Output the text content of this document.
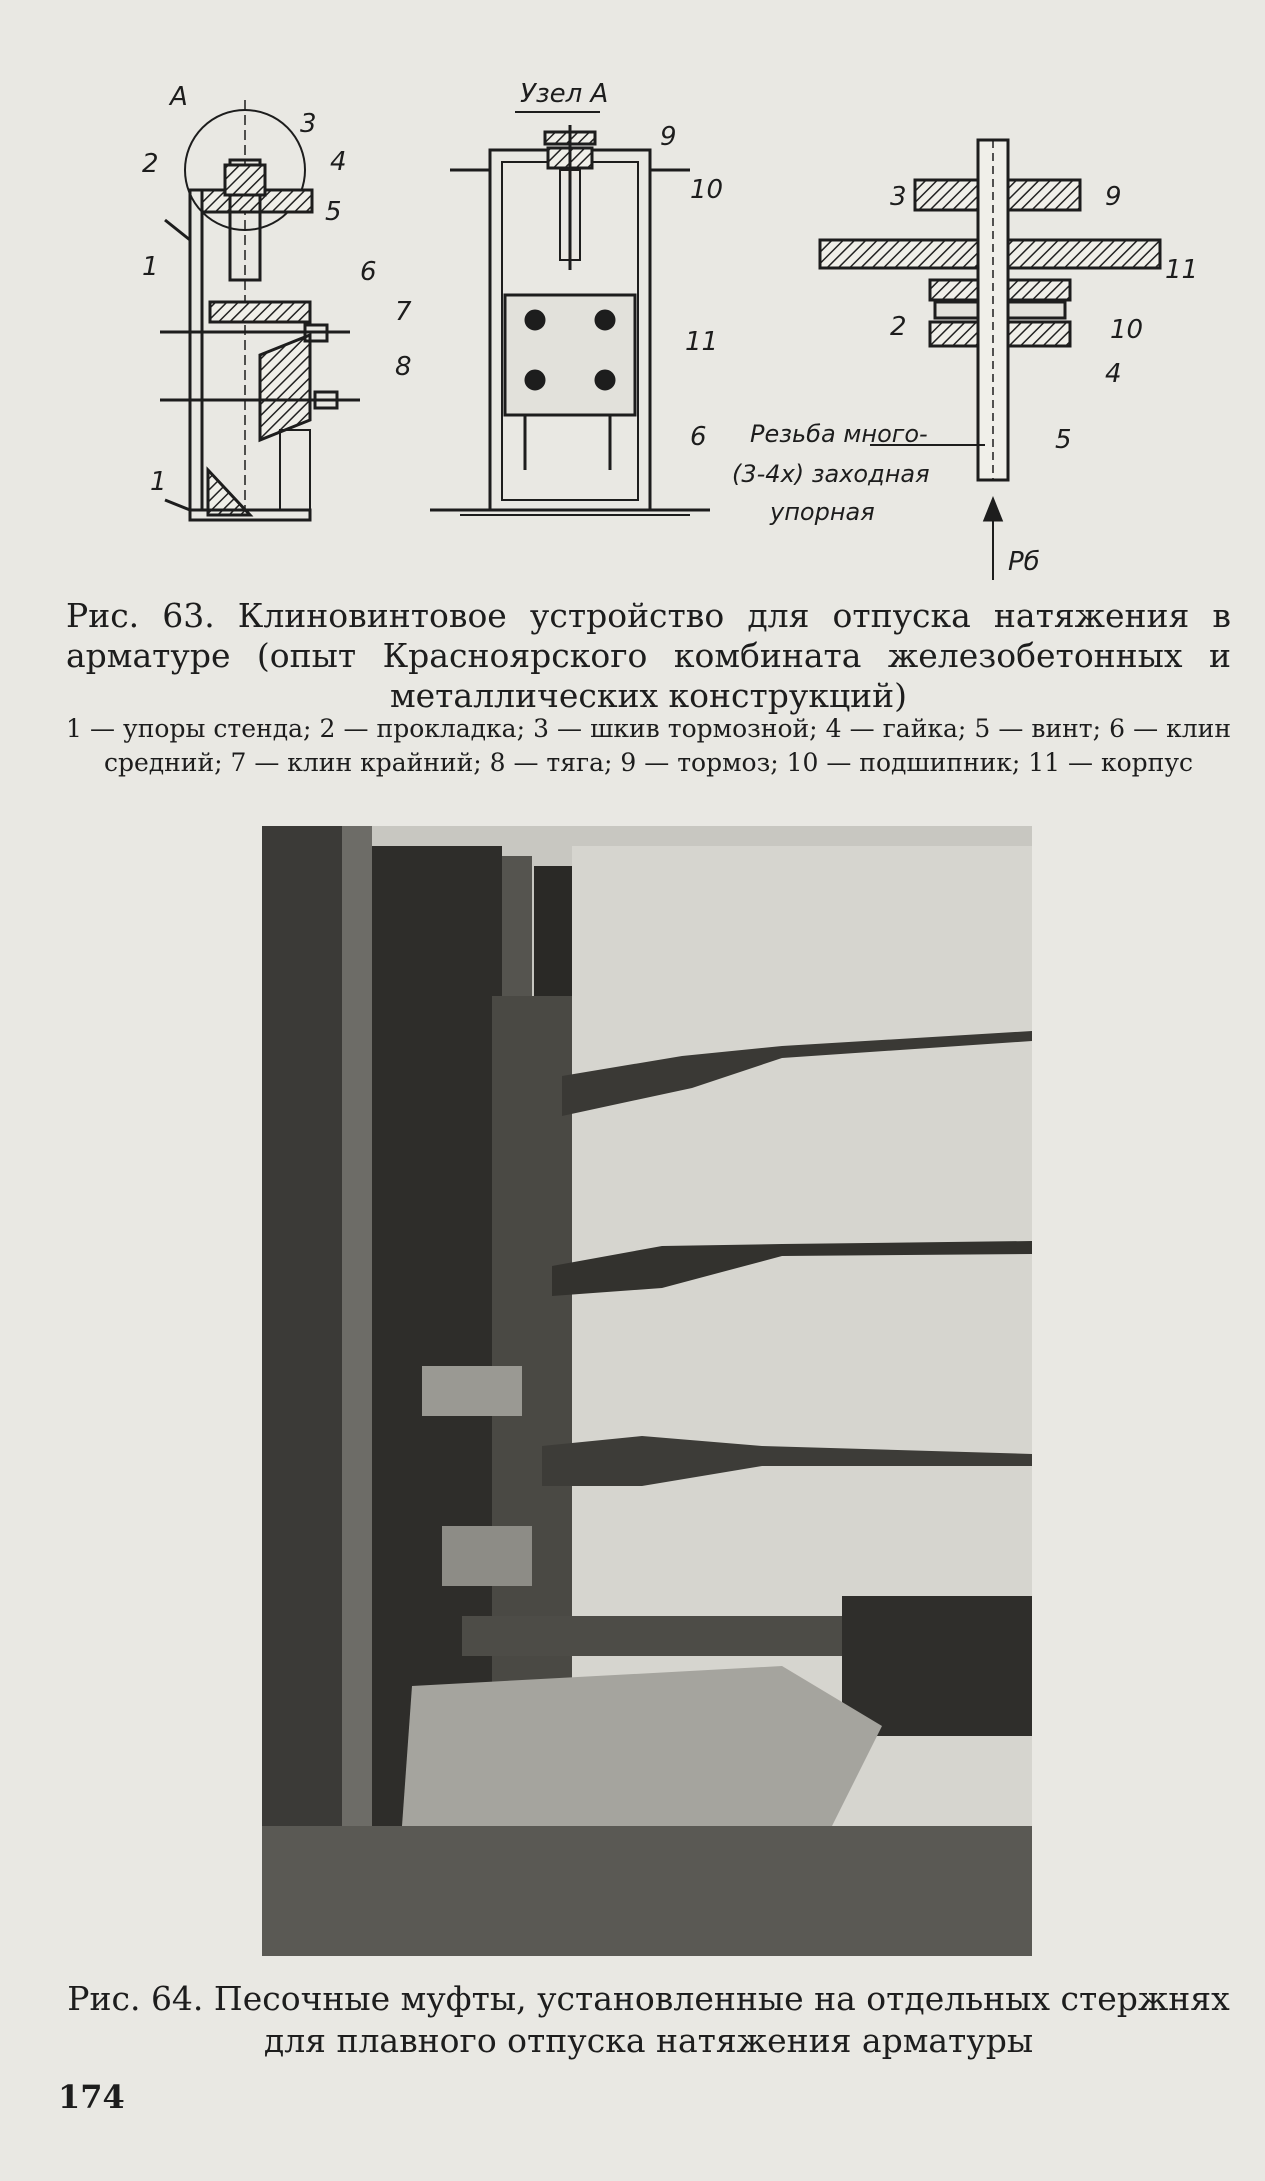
А
1
2
3
4
5
6
7
8
1
Узел А
9
10
11
6
3	9
11
2	10
4
5
Резьба много-
(3-4х) заходная
упорная
Pб
Рис. 63. Клиновинтовое устройство для отпуска натяжения в арматуре (опыт Красноярского комбината железобетонных и металлических конструкций)
1 — упоры стенда; 2 — прокладка; 3 — шкив тормозной; 4 — гайка; 5 — винт; 6 — клин средний; 7 — клин крайний; 8 — тяга; 9 — тормоз; 10 — подшипник; 11 — корпус
Рис. 64. Песочные муфты, установленные на отдельных стержнях
для плавного отпуска натяжения арматуры
174
